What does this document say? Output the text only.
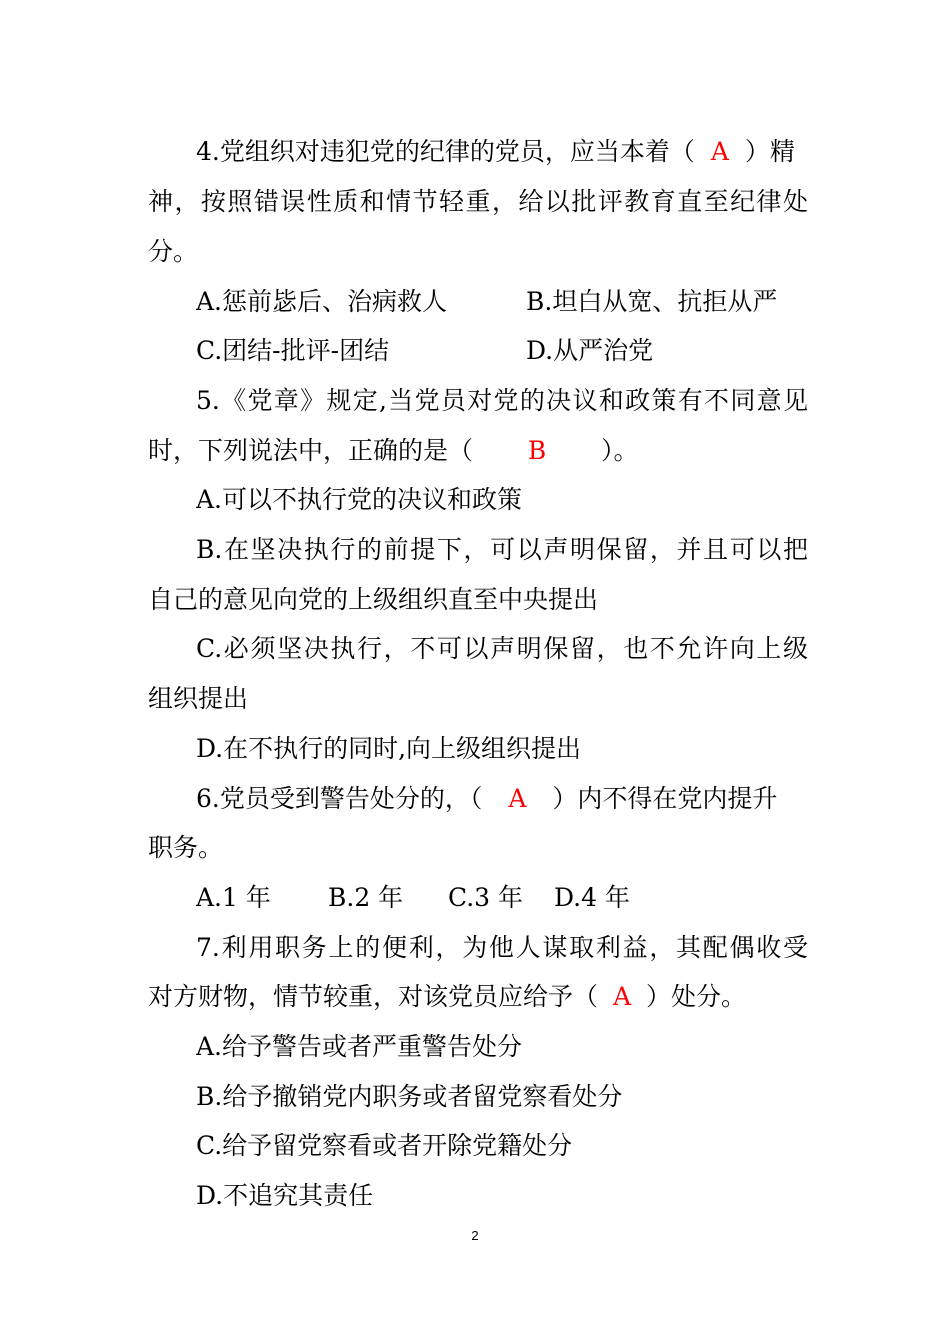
4.党组织对违犯党的纪律的党员，应当本着（ A ）精
神，按照错误性质和情节轻重，给以批评教育直至纪律处
分。
A.惩前毖后、治病救人	B.坦白从宽、抗拒从严
C.团结-批评-团结	D.从严治党
5.《党章》规定,当党员对党的决议和政策有不同意见
时，下列说法中，正确的是（ B ）。
A.可以不执行党的决议和政策
B.在坚决执行的前提下，可以声明保留，并且可以把
自己的意见向党的上级组织直至中央提出
C.必须坚决执行，不可以声明保留，也不允许向上级
组织提出
D.在不执行的同时,向上级组织提出
6.党员受到警告处分的，（ A ）内不得在党内提升
职务。
A.1 年 B.2 年 C.3 年 D.4 年
7.利用职务上的便利，为他人谋取利益，其配偶收受
对方财物，情节较重，对该党员应给予（ A ）处分。
A.给予警告或者严重警告处分
B.给予撤销党内职务或者留党察看处分
C.给予留党察看或者开除党籍处分
D.不追究其责任
2
